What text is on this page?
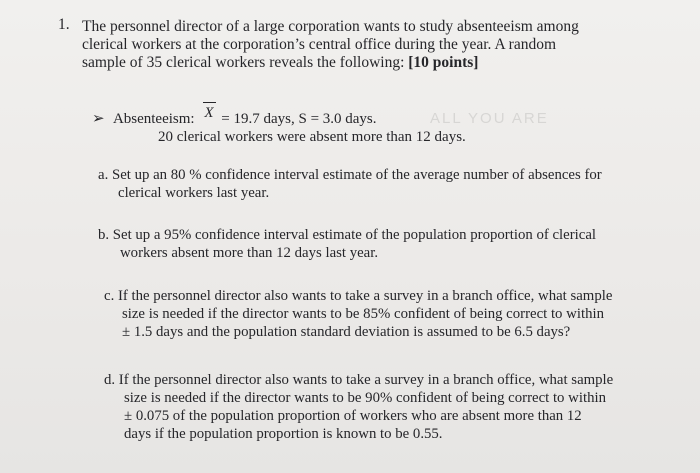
ALL YOU ARE
1. The personnel director of a large corporation wants to study absenteeism among
clerical workers at the corporation’s central office during the year. A random
sample of 35 clerical workers reveals the following: [10 points]
➢ Absenteeism: X = 19.7 days, S = 3.0 days.
20 clerical workers were absent more than 12 days.
a. Set up an 80 % confidence interval estimate of the average number of absences for
clerical workers last year.
b. Set up a 95% confidence interval estimate of the population proportion of clerical
workers absent more than 12 days last year.
c. If the personnel director also wants to take a survey in a branch office, what sample
size is needed if the director wants to be 85% confident of being correct to within
± 1.5 days and the population standard deviation is assumed to be 6.5 days?
d. If the personnel director also wants to take a survey in a branch office, what sample
size is needed if the director wants to be 90% confident of being correct to within
± 0.075 of the population proportion of workers who are absent more than 12
days if the population proportion is known to be 0.55.
